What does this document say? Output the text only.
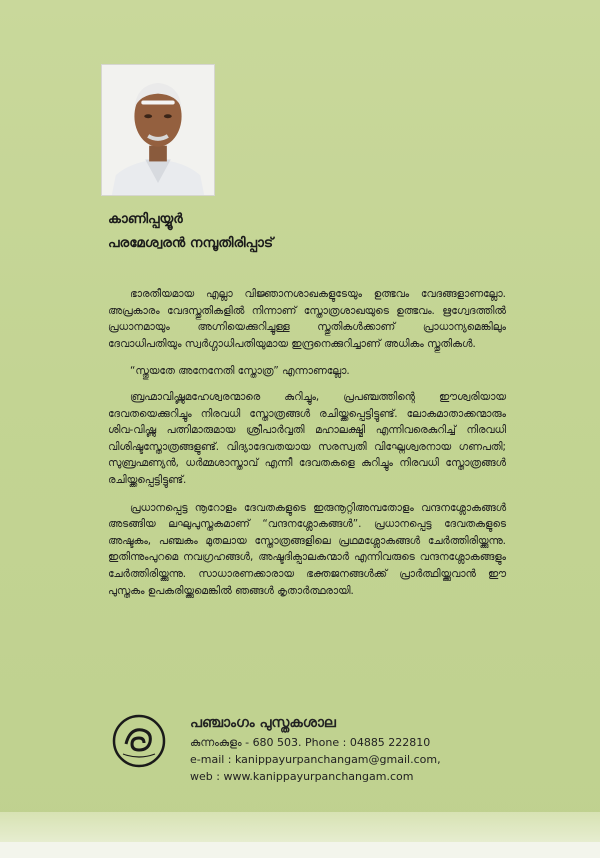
കാണിപ്പയ്യൂർ
പരമേശ്വരൻ നമ്പൂതിരിപ്പാട്

ഭാരതീയമായ എല്ലാ വിജ്ഞാനശാഖകളുടേയും ഉത്ഭവം വേദങ്ങളാണല്ലോ. അപ്രകാരം വേദസ്തുതികളിൽ നിന്നാണ് സ്തോത്രശാഖയുടെ ഉത്ഭവം. ഋഗ്വേദത്തിൽ പ്രധാനമായും അഗ്നിയെക്കുറിച്ചുള്ള സ്തുതികൾക്കാണ് പ്രാധാന്യമെങ്കിലും ദേവാധിപതിയും സ്വർഗ്ഗാധിപതിയുമായ ഇന്ദ്രനെക്കുറിച്ചാണ് അധികം സ്തുതികൾ.

“സ്തൂയതേ അനേനേതി സ്തോത്ര” എന്നാണല്ലോ.

ബ്രഹ്മാവിഷ്ണുമഹേശ്വരന്മാരെ കുറിച്ചും, പ്രപഞ്ചത്തിന്റെ ഈശ്വരിയായ ദേവതയെക്കുറിച്ചും നിരവധി സ്തോത്രങ്ങൾ രചിയ്ക്കപ്പെട്ടിട്ടുണ്ട്. ലോകമാതാക്കന്മാരും ശിവ-വിഷ്ണു പത്നിമാരുമായ ശ്രീപാർവ്വതി മഹാലക്ഷ്മി എന്നിവരെകുറിച്ച് നിരവധി വിശിഷ്ടസ്തോത്രങ്ങളുണ്ട്. വിദ്യാദേവതയായ സരസ്വതി വിഘ്നേശ്വരനായ ഗണപതി; സുബ്രഹ്മണ്യൻ, ധർമ്മശാസ്താവ് എന്നീ ദേവതകളെ കുറിച്ചും നിരവധി സ്തോത്രങ്ങൾ രചിയ്ക്കപ്പെട്ടിട്ടുണ്ട്.

പ്രധാനപ്പെട്ട നൂറോളം ദേവതകളുടെ ഇരുനൂറ്റിഅമ്പതോളം വന്ദനശ്ലോകങ്ങൾ അടങ്ങിയ ലഘുപുസ്തകമാണ് “വന്ദനശ്ലോകങ്ങൾ”. പ്രധാനപ്പെട്ട ദേവതകളുടെ അഷ്ടകം, പഞ്ചകം മുതലായ സ്തോത്രങ്ങളിലെ പ്രഥമശ്ലോകങ്ങൾ ചേർത്തിരിയ്ക്കുന്നു. ഇതിന്നുംപുറമെ നവഗ്രഹങ്ങൾ, അഷ്ടദിക്പാലകന്മാർ എന്നിവരുടെ വന്ദനശ്ലോകങ്ങളും ചേർത്തിരിയ്ക്കുന്നു. സാധാരണക്കാരായ ഭക്തജനങ്ങൾക്ക് പ്രാർത്ഥിയ്ക്കുവാൻ ഈ പുസ്തകം ഉപകരിയ്ക്കുമെങ്കിൽ ഞങ്ങൾ കൃതാർത്ഥരായി.

പഞ്ചാംഗം പുസ്തകശാല
കുന്നംകുളം - 680 503. Phone : 04885 222810
e-mail : kanippayurpanchangam@gmail.com,
web : www.kanippayurpanchangam.com
